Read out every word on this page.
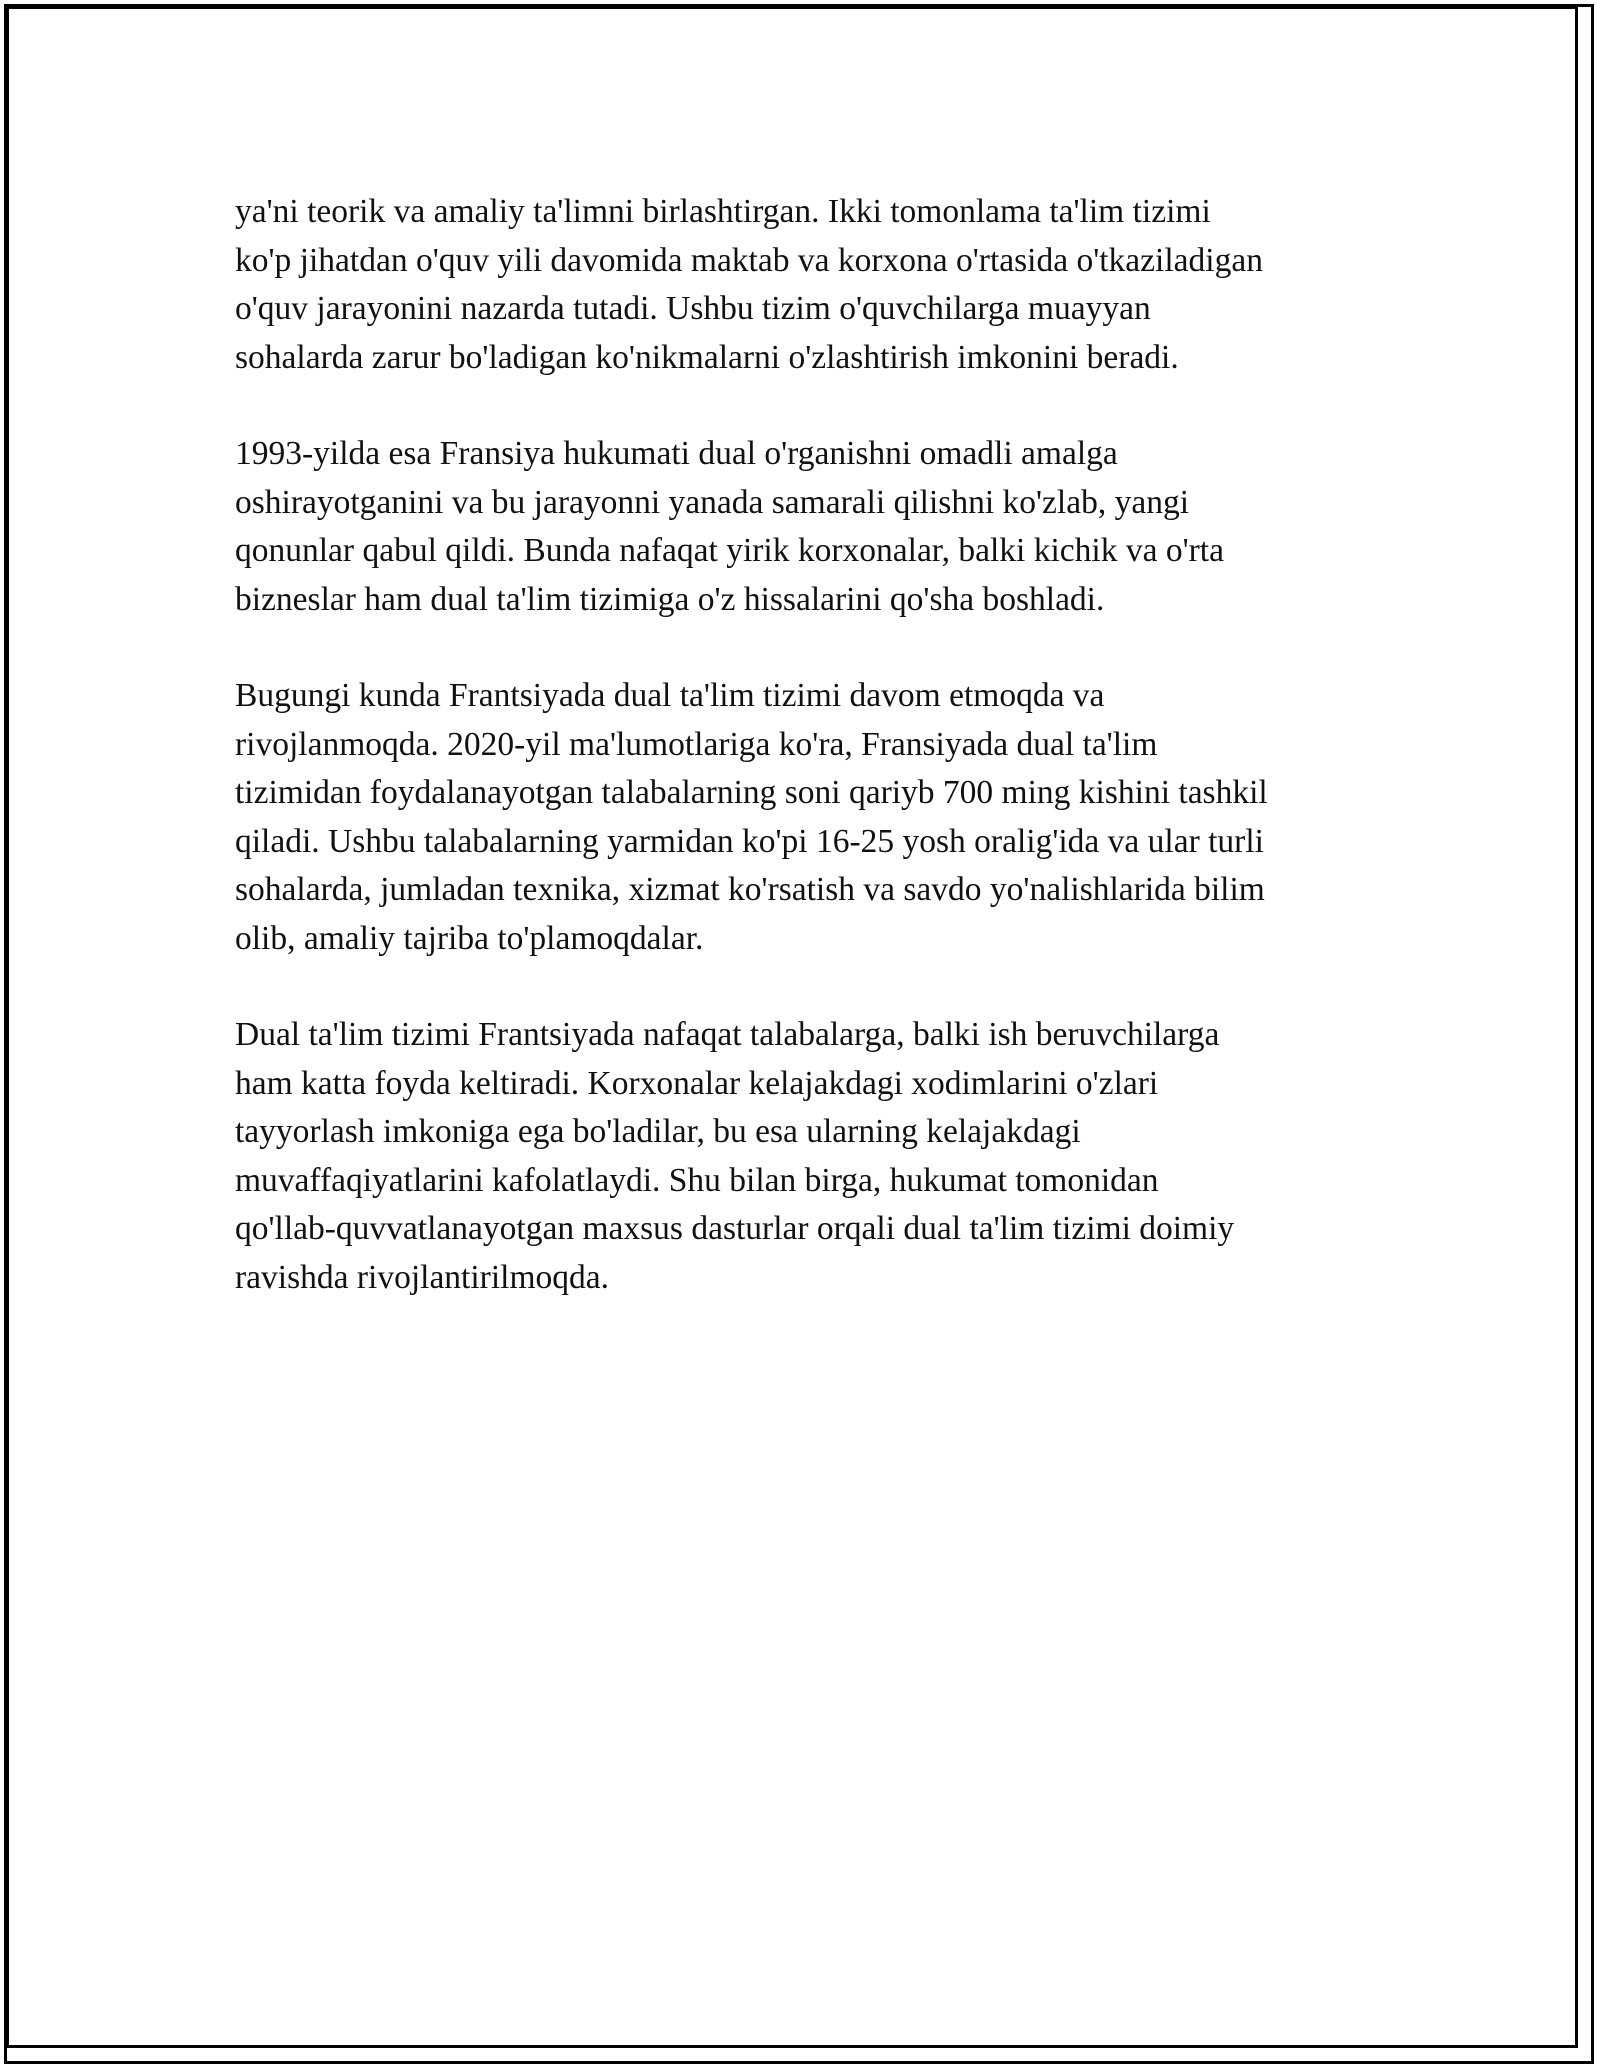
ya'ni teorik va amaliy ta'limni birlashtirgan. Ikki tomonlama ta'lim tizimi
ko'p jihatdan o'quv yili davomida maktab va korxona o'rtasida o'tkaziladigan
o'quv jarayonini nazarda tutadi. Ushbu tizim o'quvchilarga muayyan
sohalarda zarur bo'ladigan ko'nikmalarni o'zlashtirish imkonini beradi.

1993-yilda esa Fransiya hukumati dual o'rganishni omadli amalga
oshirayotganini va bu jarayonni yanada samarali qilishni ko'zlab, yangi
qonunlar qabul qildi. Bunda nafaqat yirik korxonalar, balki kichik va o'rta
bizneslar ham dual ta'lim tizimiga o'z hissalarini qo'sha boshladi.

Bugungi kunda Frantsiyada dual ta'lim tizimi davom etmoqda va
rivojlanmoqda. 2020-yil ma'lumotlariga ko'ra, Fransiyada dual ta'lim
tizimidan foydalanayotgan talabalarning soni qariyb 700 ming kishini tashkil
qiladi. Ushbu talabalarning yarmidan ko'pi 16-25 yosh oralig'ida va ular turli
sohalarda, jumladan texnika, xizmat ko'rsatish va savdo yo'nalishlarida bilim
olib, amaliy tajriba to'plamoqdalar.

Dual ta'lim tizimi Frantsiyada nafaqat talabalarga, balki ish beruvchilarga
ham katta foyda keltiradi. Korxonalar kelajakdagi xodimlarini o'zlari
tayyorlash imkoniga ega bo'ladilar, bu esa ularning kelajakdagi
muvaffaqiyatlarini kafolatlaydi. Shu bilan birga, hukumat tomonidan
qo'llab-quvvatlanayotgan maxsus dasturlar orqali dual ta'lim tizimi doimiy
ravishda rivojlantirilmoqda.
